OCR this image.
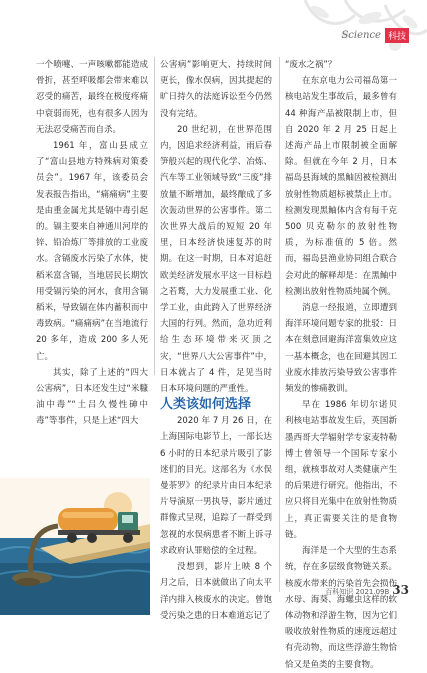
Science 科技

一个喷嚏、一声咳嗽都能造成骨折，甚至呼吸都会带来难以忍受的痛苦，最终在极度疼痛中衰弱而死，也有很多人因为无法忍受痛苦而自杀。

1961 年，富山县成立了“富山县地方特殊病对策委员会”。1967 年，该委员会发表报告指出，“痛痛病”主要是由重金属尤其是镉中毒引起的。镉主要来自神通川河岸的锌、铅冶炼厂等排放的工业废水。含镉废水污染了水体，使稻米富含镉，当地居民长期饮用受镉污染的河水，食用含镉稻米，导致镉在体内蓄积而中毒致病。“痛痛病”在当地流行 20 多年，造成 200 多人死亡。

其实，除了上述的“四大公害病”，日本还发生过“米糠油中毒”“土吕久慢性砷中毒”等事件，只是上述“四大

公害病”影响更大、持续时间更长，像水俣病，因其提起的旷日持久的法庭诉讼至今仍然没有完结。

20 世纪初，在世界范围内，因追求经济利益，雨后春笋般兴起的现代化学、冶炼、汽车等工业领域导致“三废”排放量不断增加，最终酿成了多次轰动世界的公害事件。第二次世界大战后的短短 20 年里，日本经济快速复苏的时期。在这一时期，日本对追赶欧美经济发展水平这一目标趋之若鹜，大力发展重工业、化学工业，由此跨入了世界经济大国的行列。然而，急功近利给生态环境带来灭顶之灾，“世界八大公害事件”中，日本就占了 4 件，足见当时日本环境问题的严重性。

人类该如何选择

2020 年 7 月 26 日，在上海国际电影节上，一部长达 6 小时的日本纪录片吸引了影迷们的目光。这部名为《水俣曼荼罗》的纪录片由日本纪录片导演原一男执导，影片通过群像式呈现，追踪了一群受到忽视的水俣病患者不断上诉寻求政府认罪赔偿的全过程。

没想到，影片上映 8 个月之后，日本就做出了向太平洋内排入核废水的决定。曾饱受污染之患的日本难道忘记了

“废水之祸”？

在东京电力公司福岛第一核电站发生事故后，最多曾有 44 种海产品被限制上市，但自 2020 年 2 月 25 日起上述海产品上市限制被全面解除。但就在今年 2 月，日本福岛县海域的黑鲉因被检测出放射性物质超标被禁止上市。检测发现黑鲉体内含有每千克 500 贝克勒尔的放射性物质，为标准值的 5 倍。然而，福岛县渔业协同组合联合会对此的解释却是：在黑鲉中检测出放射性物质纯属个例。

消息一经报道，立即遭到海洋环境问题专家的批驳：日本在刻意回避海洋富集效应这一基本概念，也在回避其因工业废水排放污染导致公害事件频发的惨痛教训。

早在 1986 年切尔诺贝利核电站事故发生后，英国新墨西哥大学辐射学专家麦特勒博士曾领导一个国际专家小组，就核事故对人类健康产生的后果进行研究。他指出，不应只将目光集中在放射性物质上，真正需要关注的是食物链。

海洋是一个大型的生态系统，存在多层级食物链关系。核废水带来的污染首先会损伤水母、海葵、海螺虫这样的软体动物和浮游生物，因为它们吸收放射性物质的速度远超过有壳动物，而这些浮游生物恰恰又是鱼类的主要食物。

百科知识 2021.09B 33
